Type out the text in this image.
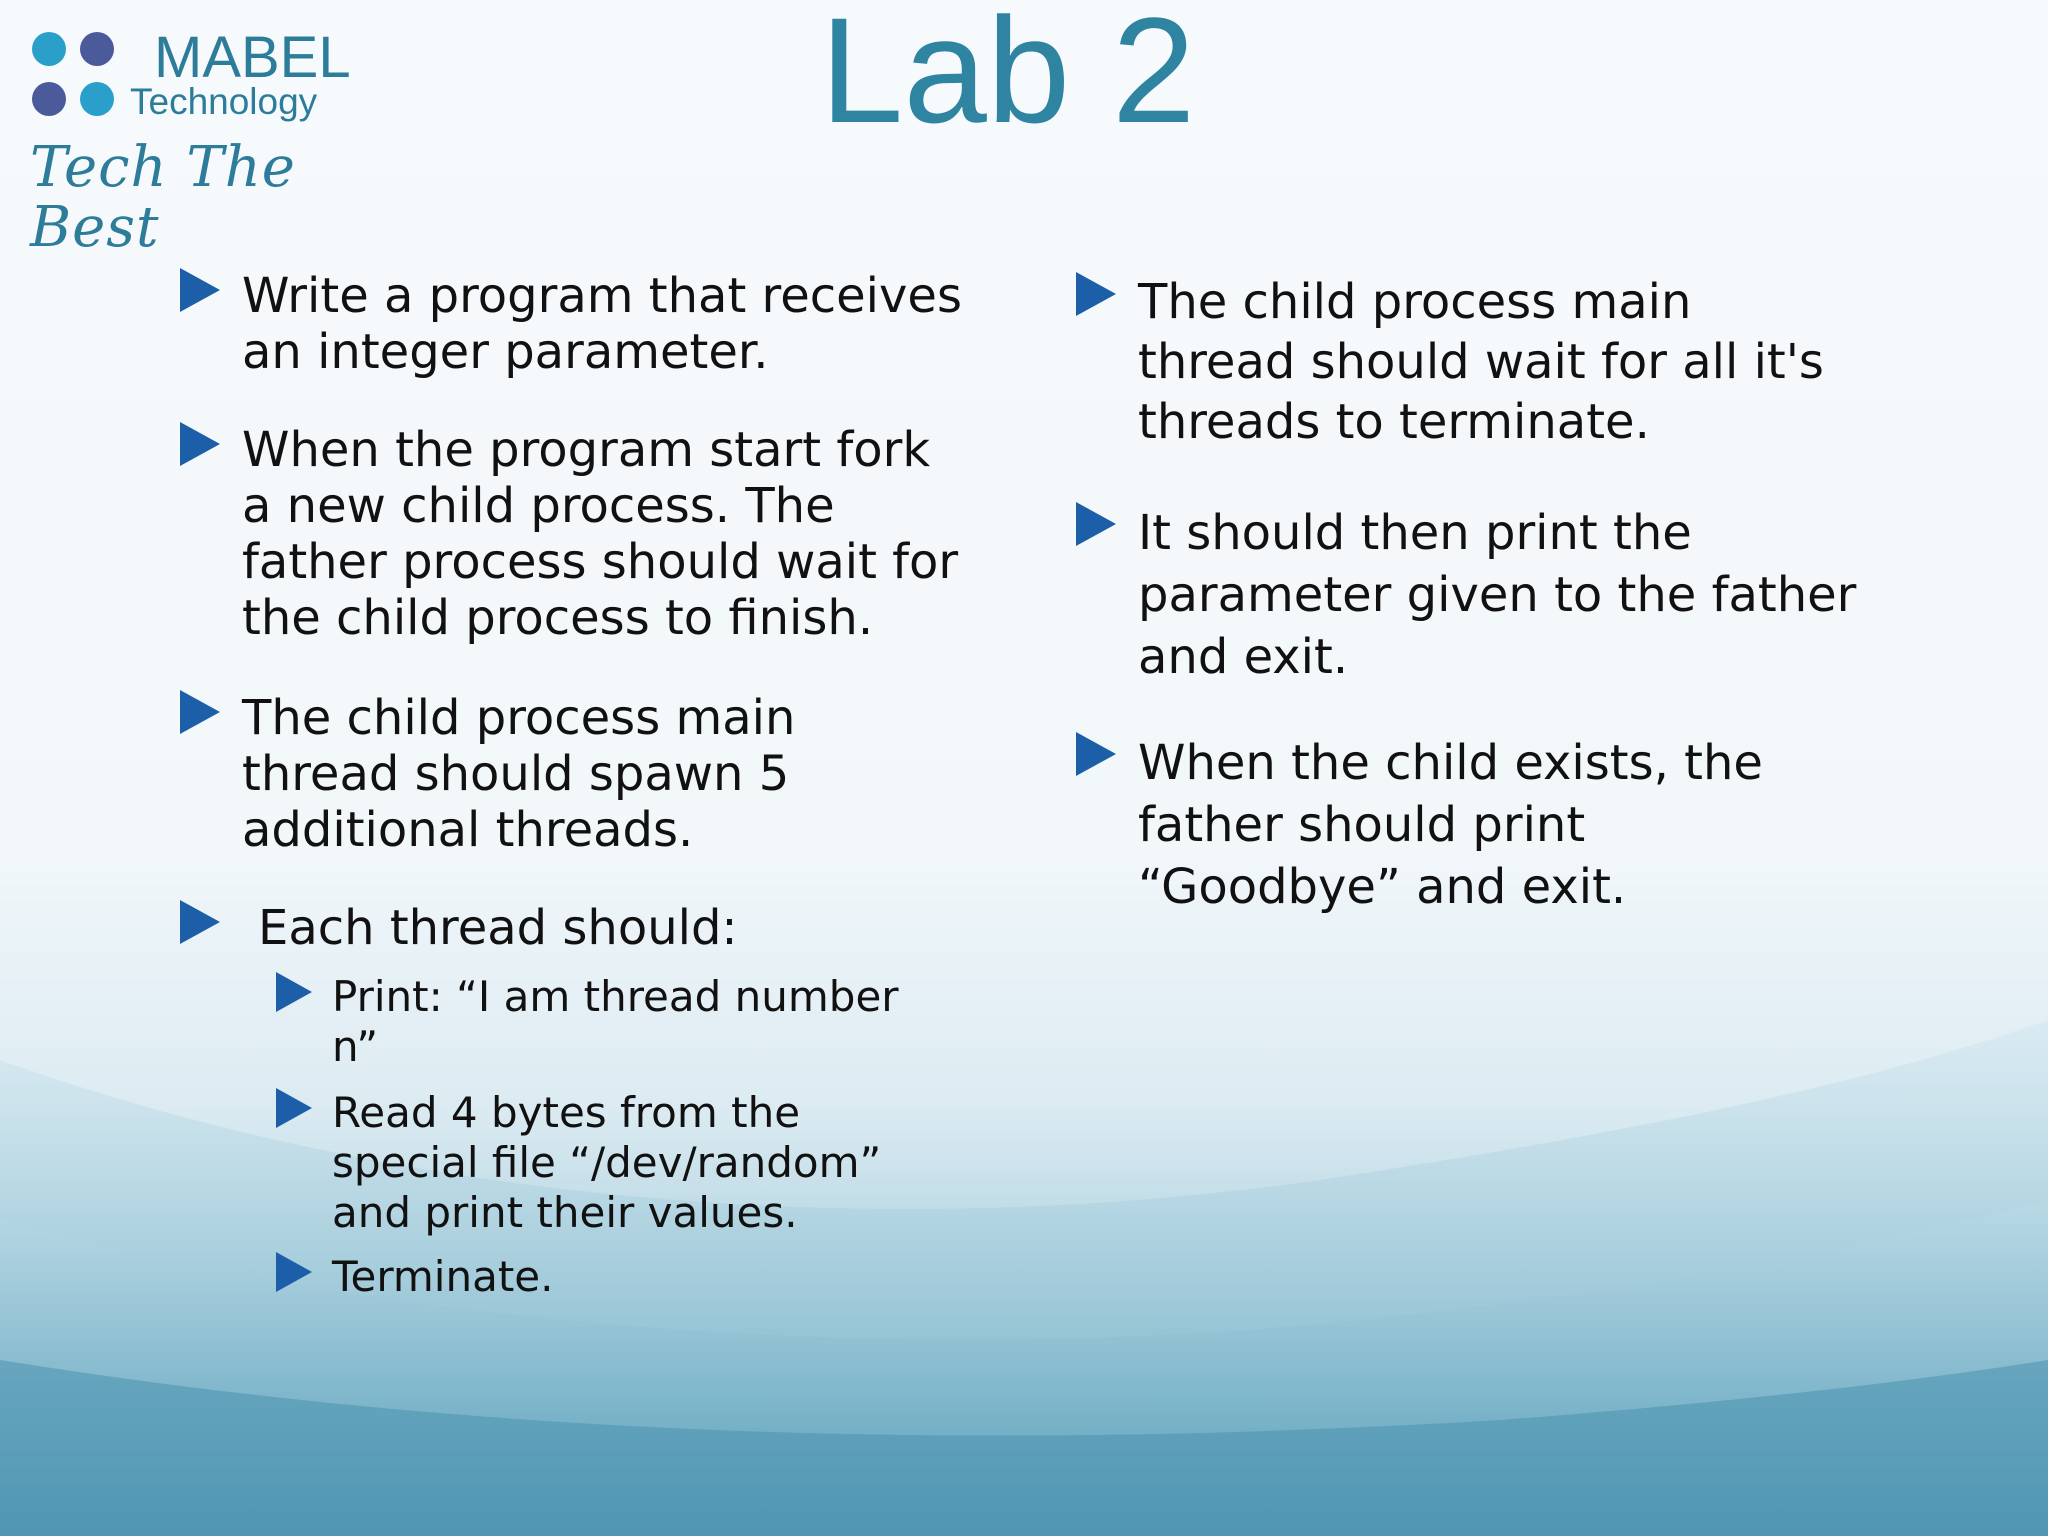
MABEL
Technology
Tech The Best
Lab 2
Write a program that receives
an integer parameter.
When the program start fork
a new child process. The
father process should wait for
the child process to finish.
The child process main
thread should spawn 5
additional threads.
Each thread should:
Print: “I am thread number
n”
Read 4 bytes from the
special file “/dev/random”
and print their values.
Terminate.
The child process main
thread should wait for all it's
threads to terminate.
It should then print the
parameter given to the father
and exit.
When the child exists, the
father should print
“Goodbye” and exit.
